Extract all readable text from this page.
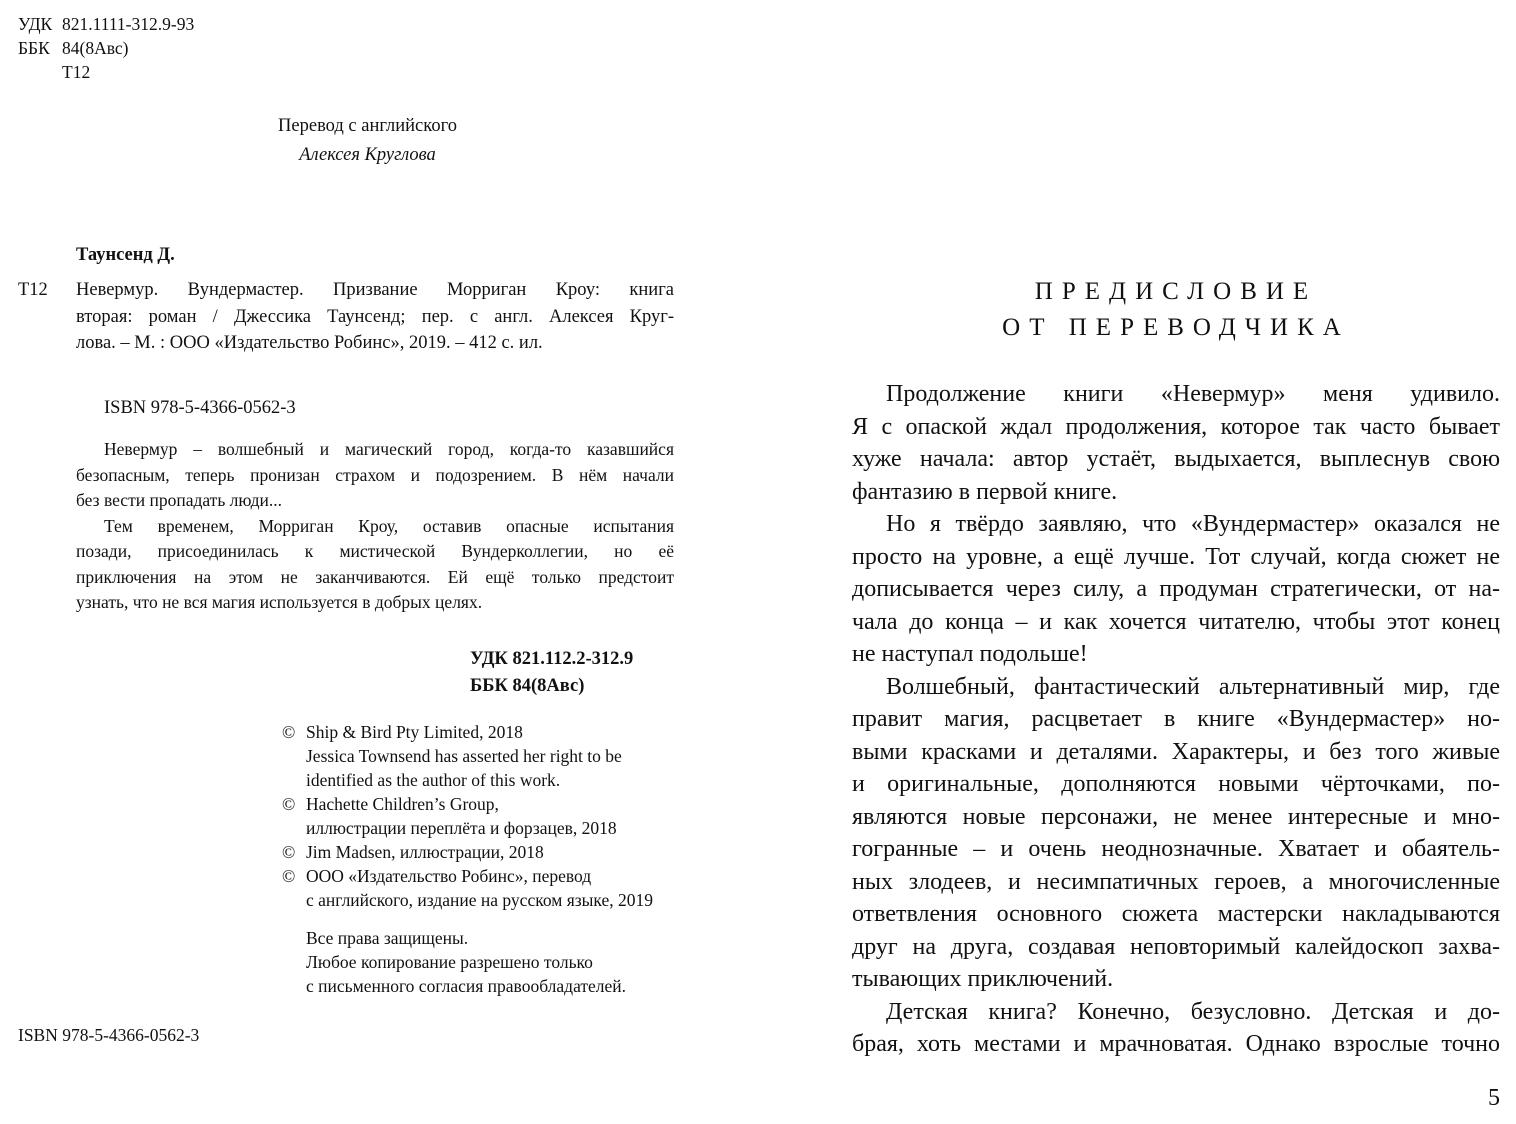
УДК 821.1111-312.9-93
ББК 84(8Авс)
Т12
Перевод с английского
Алексея Круглова
Таунсенд Д.
Т12 Невермур. Вундермастер. Призвание Морриган Кроу: книга
вторая: роман / Джессика Таунсенд; пер. с англ. Алексея Круг-
лова. – М. : ООО «Издательство Робинс», 2019. – 412 с. ил.
ISBN 978-5-4366-0562-3
Невермур – волшебный и магический город, когда-то казавшийся
безопасным, теперь пронизан страхом и подозрением. В нём начали
без вести пропадать люди...
Тем временем, Морриган Кроу, оставив опасные испытания
позади, присоединилась к мистической Вундерколлегии, но её
приключения на этом не заканчиваются. Ей ещё только предстоит
узнать, что не вся магия используется в добрых целях.
УДК 821.112.2-312.9
ББК 84(8Авс)
© Ship & Bird Pty Limited, 2018
Jessica Townsend has asserted her right to be
identified as the author of this work.
© Hachette Children’s Group,
иллюстрации переплёта и форзацев, 2018
© Jim Madsen, иллюстрации, 2018
© ООО «Издательство Робинс», перевод
с английского, издание на русском языке, 2019
Все права защищены.
Любое копирование разрешено только
с письменного согласия правообладателей.
ISBN 978-5-4366-0562-3
ПРЕДИСЛОВИЕ
ОТ ПЕРЕВОДЧИКА
Продолжение книги «Невермур» меня удивило.
Я с опаской ждал продолжения, которое так часто бывает
хуже начала: автор устаёт, выдыхается, выплеснув свою
фантазию в первой книге.
Но я твёрдо заявляю, что «Вундермастер» оказался не
просто на уровне, а ещё лучше. Тот случай, когда сюжет не
дописывается через силу, а продуман стратегически, от на-
чала до конца – и как хочется читателю, чтобы этот конец
не наступал подольше!
Волшебный, фантастический альтернативный мир, где
правит магия, расцветает в книге «Вундермастер» но-
выми красками и деталями. Характеры, и без того живые
и оригинальные, дополняются новыми чёрточками, по-
являются новые персонажи, не менее интересные и мно-
гогранные – и очень неоднозначные. Хватает и обаятель-
ных злодеев, и несимпатичных героев, а многочисленные
ответвления основного сюжета мастерски накладываются
друг на друга, создавая неповторимый калейдоскоп захва-
тывающих приключений.
Детская книга? Конечно, безусловно. Детская и до-
брая, хоть местами и мрачноватая. Однако взрослые точно
5
